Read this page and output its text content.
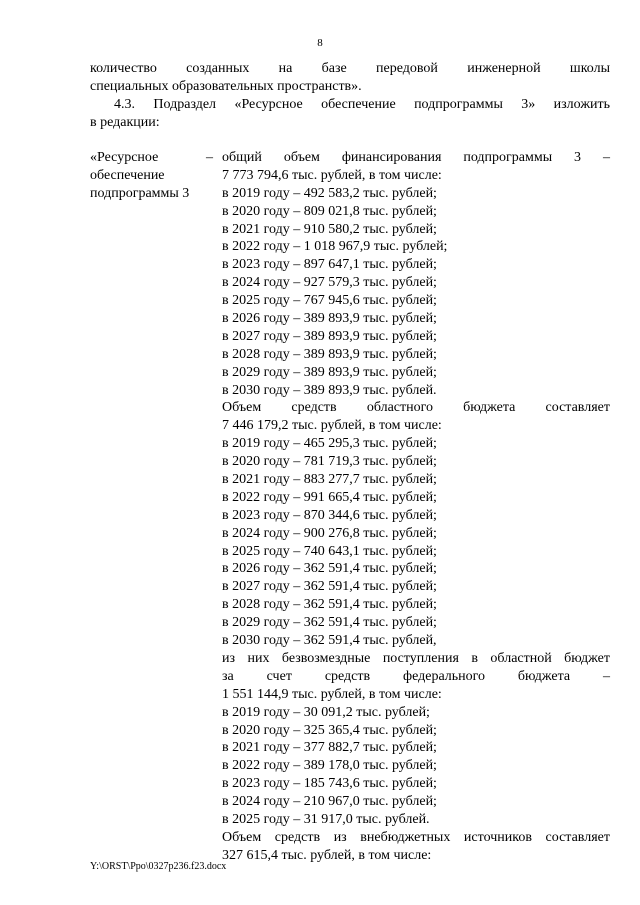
8
количество созданных на базе передовой инженерной школы
специальных образовательных пространств».
4.3. Подраздел «Ресурсное обеспечение подпрограммы 3» изложить
в редакции:
«Ресурсное
обеспечение
подпрограммы 3
– общий объем финансирования подпрограммы 3 –
7 773 794,6 тыс. рублей, в том числе:
в 2019 году – 492 583,2 тыс. рублей;
в 2020 году – 809 021,8 тыс. рублей;
в 2021 году – 910 580,2 тыс. рублей;
в 2022 году – 1 018 967,9 тыс. рублей;
в 2023 году – 897 647,1 тыс. рублей;
в 2024 году – 927 579,3 тыс. рублей;
в 2025 году – 767 945,6 тыс. рублей;
в 2026 году – 389 893,9 тыс. рублей;
в 2027 году – 389 893,9 тыс. рублей;
в 2028 году – 389 893,9 тыс. рублей;
в 2029 году – 389 893,9 тыс. рублей;
в 2030 году – 389 893,9 тыс. рублей.
Объем средств областного бюджета составляет
7 446 179,2 тыс. рублей, в том числе:
в 2019 году – 465 295,3 тыс. рублей;
в 2020 году – 781 719,3 тыс. рублей;
в 2021 году – 883 277,7 тыс. рублей;
в 2022 году – 991 665,4 тыс. рублей;
в 2023 году – 870 344,6 тыс. рублей;
в 2024 году – 900 276,8 тыс. рублей;
в 2025 году – 740 643,1 тыс. рублей;
в 2026 году – 362 591,4 тыс. рублей;
в 2027 году – 362 591,4 тыс. рублей;
в 2028 году – 362 591,4 тыс. рублей;
в 2029 году – 362 591,4 тыс. рублей;
в 2030 году – 362 591,4 тыс. рублей,
из них безвозмездные поступления в областной бюджет
за счет средств федерального бюджета –
1 551 144,9 тыс. рублей, в том числе:
в 2019 году – 30 091,2 тыс. рублей;
в 2020 году – 325 365,4 тыс. рублей;
в 2021 году – 377 882,7 тыс. рублей;
в 2022 году – 389 178,0 тыс. рублей;
в 2023 году – 185 743,6 тыс. рублей;
в 2024 году – 210 967,0 тыс. рублей;
в 2025 году – 31 917,0 тыс. рублей.
Объем средств из внебюджетных источников составляет
327 615,4 тыс. рублей, в том числе:
Y:\ORST\Ppo\0327p236.f23.docx
